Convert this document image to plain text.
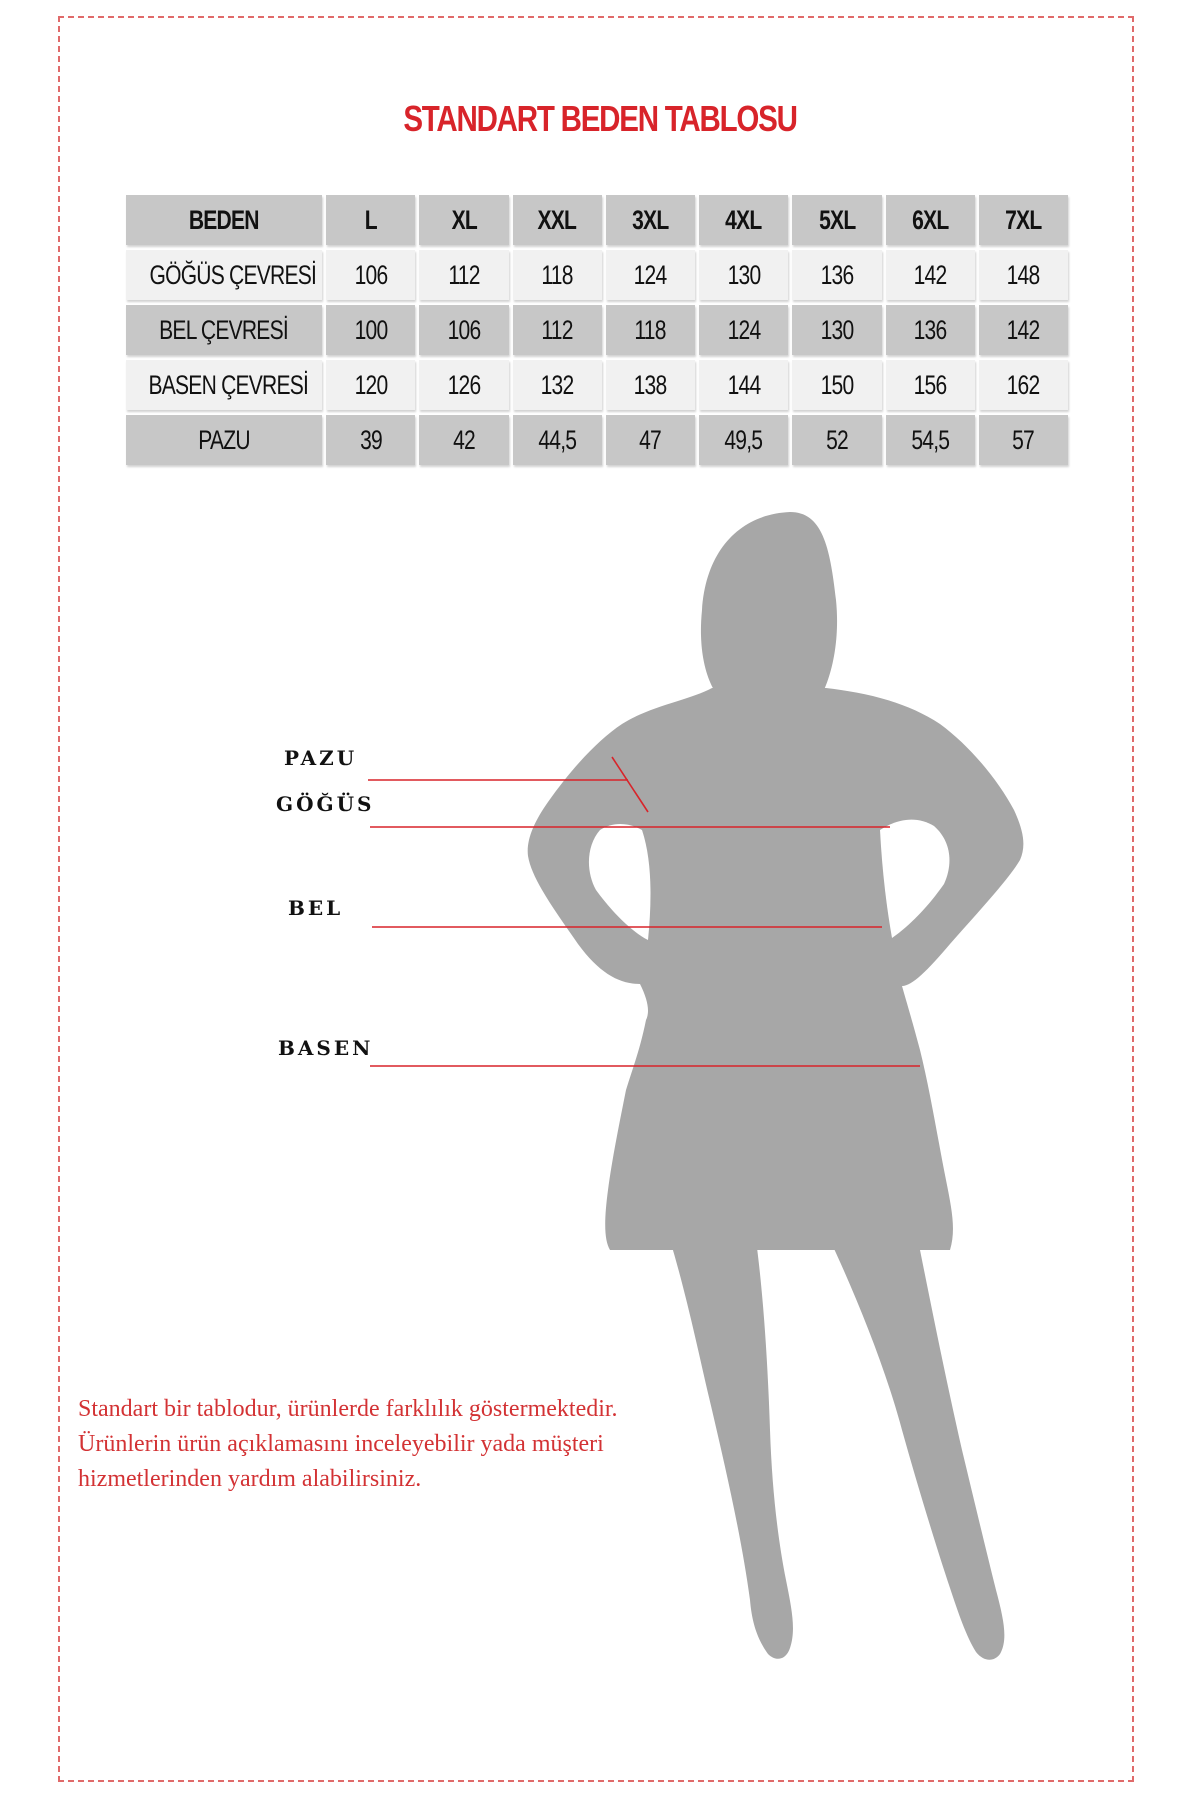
STANDART BEDEN TABLOSU
BEDEN	L	XL	XXL	3XL	4XL	5XL	6XL	7XL
GÖĞÜS ÇEVRESİ	106	112	118	124	130	136	142	148
BEL ÇEVRESİ	100	106	112	118	124	130	136	142
BASEN ÇEVRESİ	120	126	132	138	144	150	156	162
PAZU	39	42	44,5	47	49,5	52	54,5	57
PAZU
GÖĞÜS
BEL
BASEN
Standart bir tablodur, ürünlerde farklılık göstermektedir.
Ürünlerin ürün açıklamasını inceleyebilir yada müşteri
hizmetlerinden yardım alabilirsiniz.
